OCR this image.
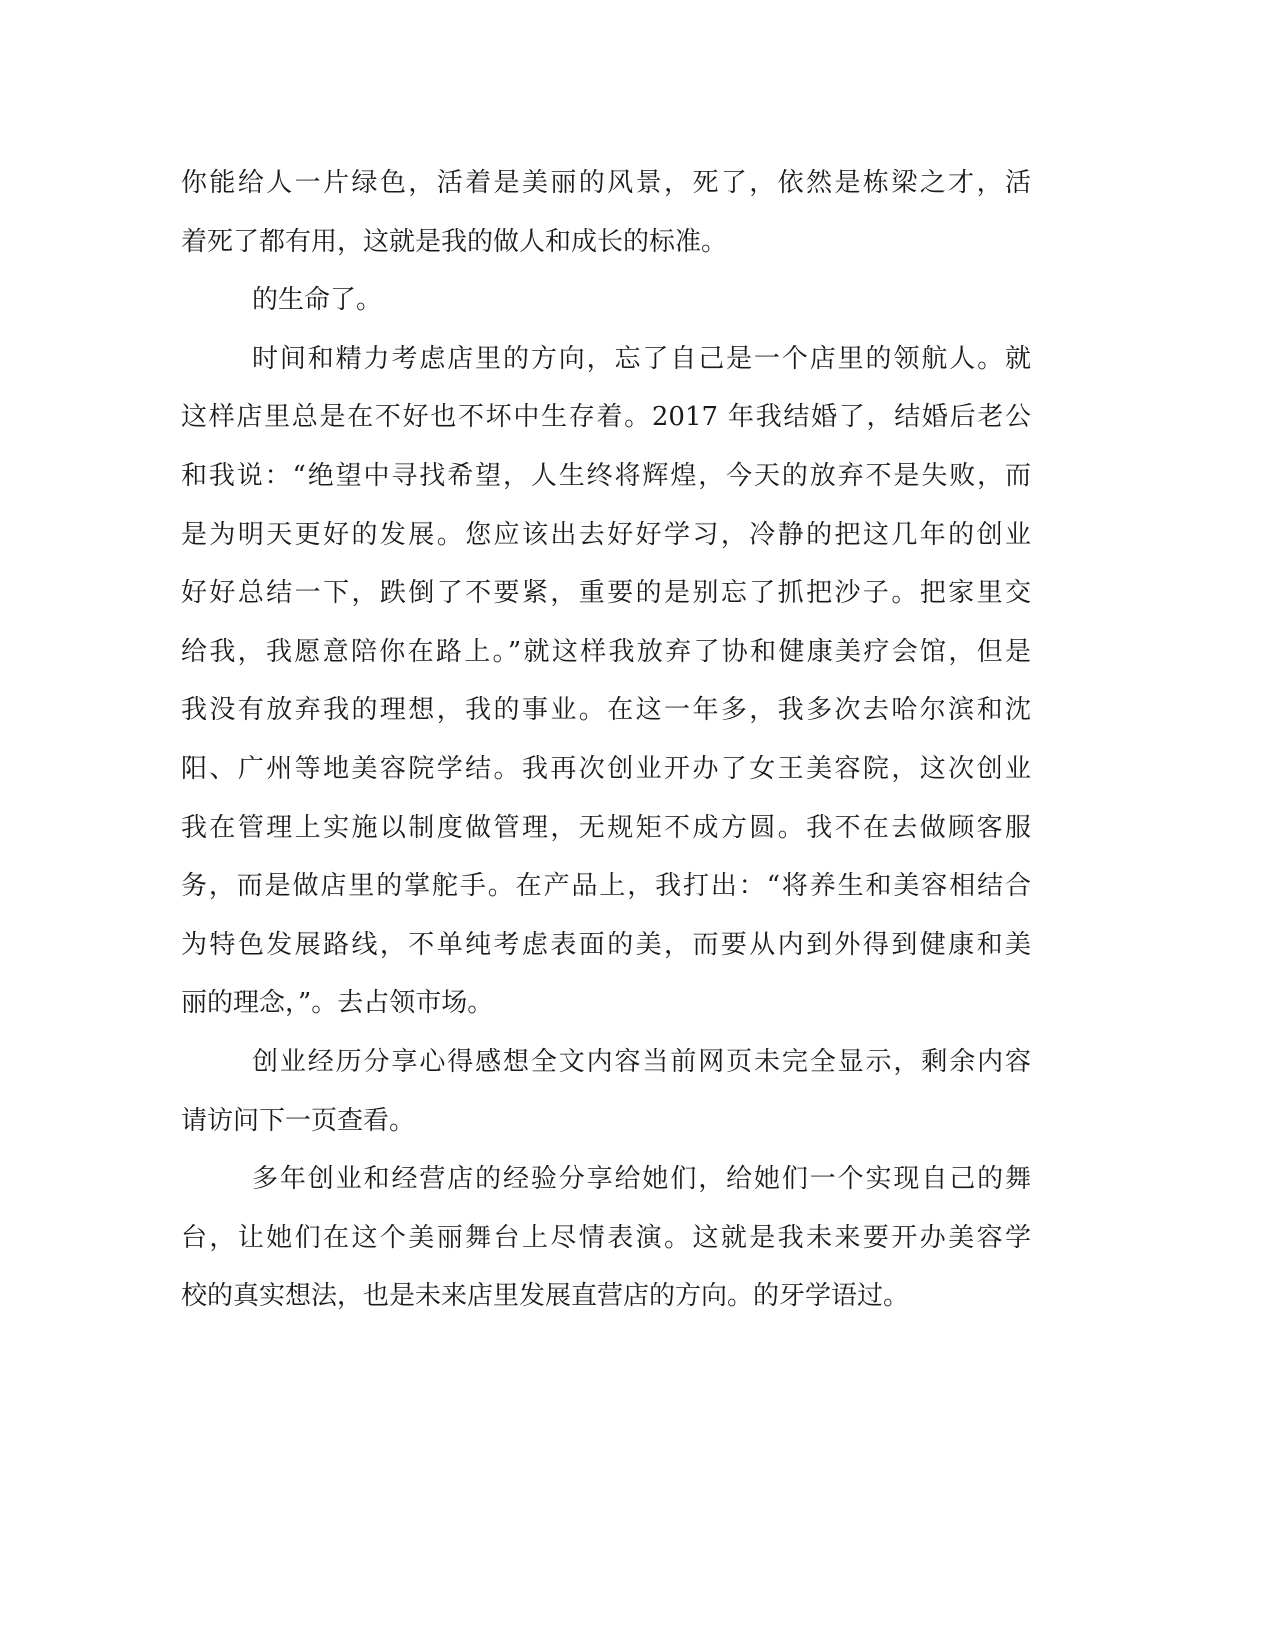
你能给人一片绿色，活着是美丽的风景，死了，依然是栋梁之才，活
着死了都有用，这就是我的做人和成长的标准。
的生命了。
时间和精力考虑店里的方向，忘了自己是一个店里的领航人。就
这样店里总是在不好也不坏中生存着。2017 年我结婚了，结婚后老公
和我说：“绝望中寻找希望，人生终将辉煌，今天的放弃不是失败，而
是为明天更好的发展。您应该出去好好学习，冷静的把这几年的创业
好好总结一下，跌倒了不要紧，重要的是别忘了抓把沙子。把家里交
给我，我愿意陪你在路上。”就这样我放弃了协和健康美疗会馆，但是
我没有放弃我的理想，我的事业。在这一年多，我多次去哈尔滨和沈
阳、广州等地美容院学结。我再次创业开办了女王美容院，这次创业
我在管理上实施以制度做管理，无规矩不成方圆。我不在去做顾客服
务，而是做店里的掌舵手。在产品上，我打出：“将养生和美容相结合
为特色发展路线，不单纯考虑表面的美，而要从内到外得到健康和美
丽的理念，”。去占领市场。
创业经历分享心得感想全文内容当前网页未完全显示，剩余内容
请访问下一页查看。
多年创业和经营店的经验分享给她们，给她们一个实现自己的舞
台，让她们在这个美丽舞台上尽情表演。这就是我未来要开办美容学
校的真实想法，也是未来店里发展直营店的方向。的牙学语过。
